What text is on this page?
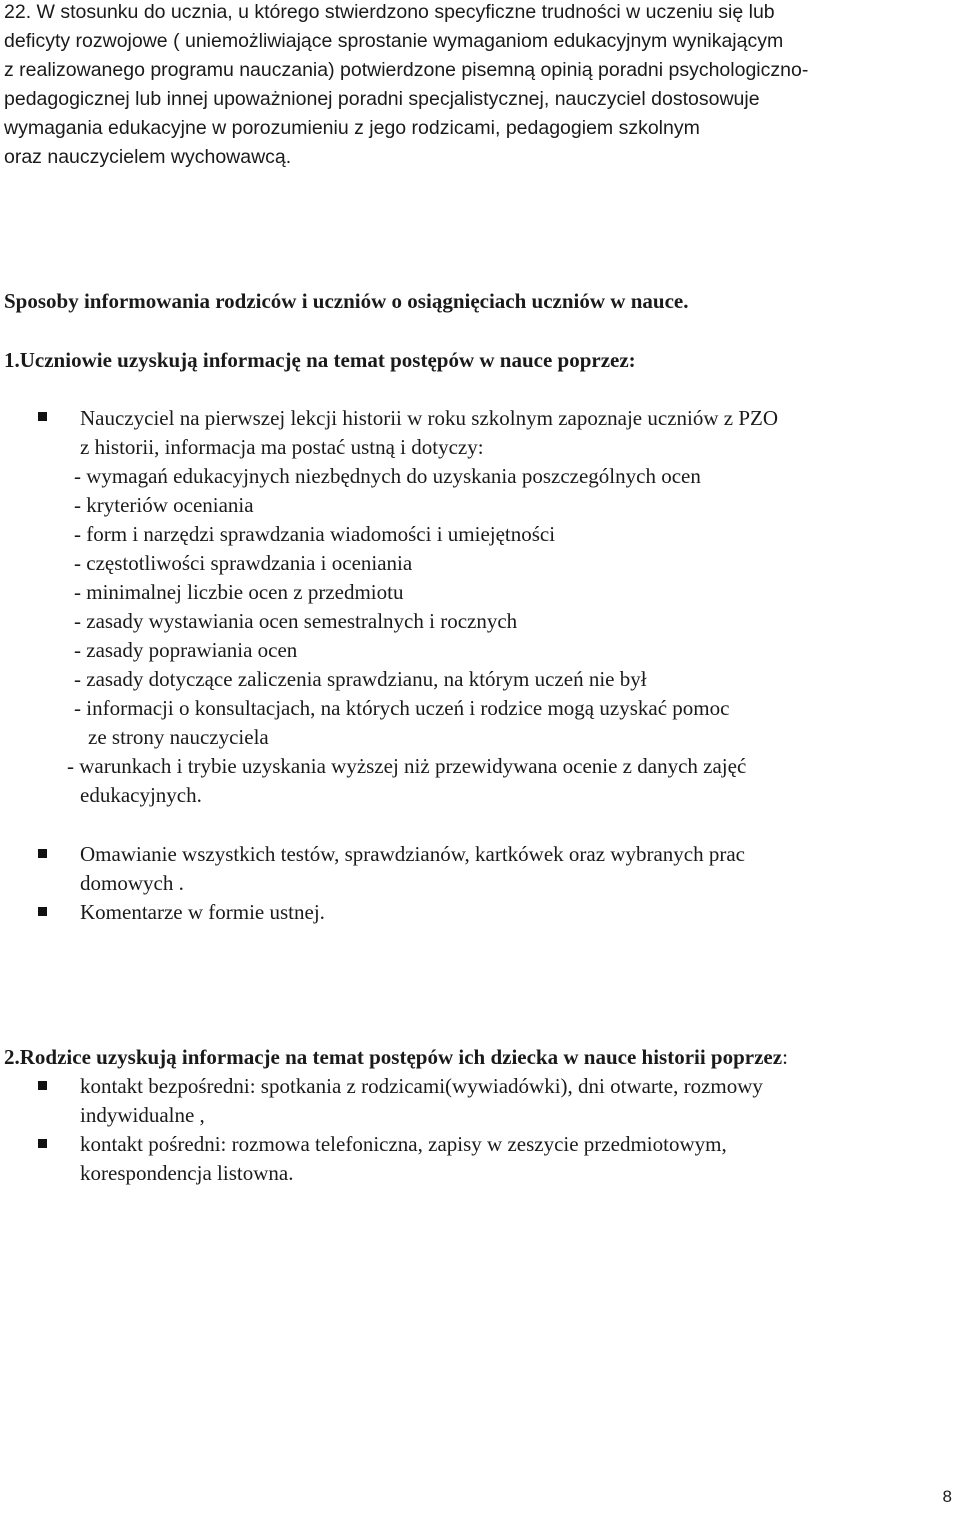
22. W stosunku do ucznia, u którego stwierdzono specyficzne trudności w uczeniu się lub
deficyty rozwojowe ( uniemożliwiające sprostanie wymaganiom edukacyjnym wynikającym
z realizowanego programu nauczania) potwierdzone pisemną opinią poradni psychologiczno-
pedagogicznej lub innej upoważnionej poradni specjalistycznej, nauczyciel dostosowuje
wymagania edukacyjne w porozumieniu z jego rodzicami, pedagogiem szkolnym
oraz nauczycielem wychowawcą.
Sposoby informowania rodziców i uczniów o osiągnięciach uczniów w nauce.
1.Uczniowie uzyskują informację na temat postępów w nauce poprzez:
Nauczyciel na pierwszej lekcji historii w roku szkolnym zapoznaje uczniów z PZO
z historii, informacja ma postać ustną i dotyczy:
- wymagań edukacyjnych niezbędnych do uzyskania poszczególnych ocen
- kryteriów oceniania
- form i narzędzi sprawdzania wiadomości i umiejętności
- częstotliwości sprawdzania i oceniania
- minimalnej liczbie ocen z przedmiotu
- zasady wystawiania ocen semestralnych i rocznych
- zasady poprawiania ocen
- zasady dotyczące zaliczenia sprawdzianu, na którym uczeń nie był
- informacji o konsultacjach, na których uczeń i rodzice mogą uzyskać pomoc
ze strony nauczyciela
- warunkach i trybie uzyskania wyższej niż przewidywana ocenie z danych zajęć
edukacyjnych.
Omawianie wszystkich testów, sprawdzianów, kartkówek oraz wybranych prac
domowych .
Komentarze w formie ustnej.
2.Rodzice uzyskują informacje na temat postępów ich dziecka w nauce historii poprzez:
kontakt bezpośredni: spotkania z rodzicami(wywiadówki), dni otwarte, rozmowy
indywidualne ,
kontakt pośredni: rozmowa telefoniczna, zapisy w zeszycie przedmiotowym,
korespondencja listowna.
8
